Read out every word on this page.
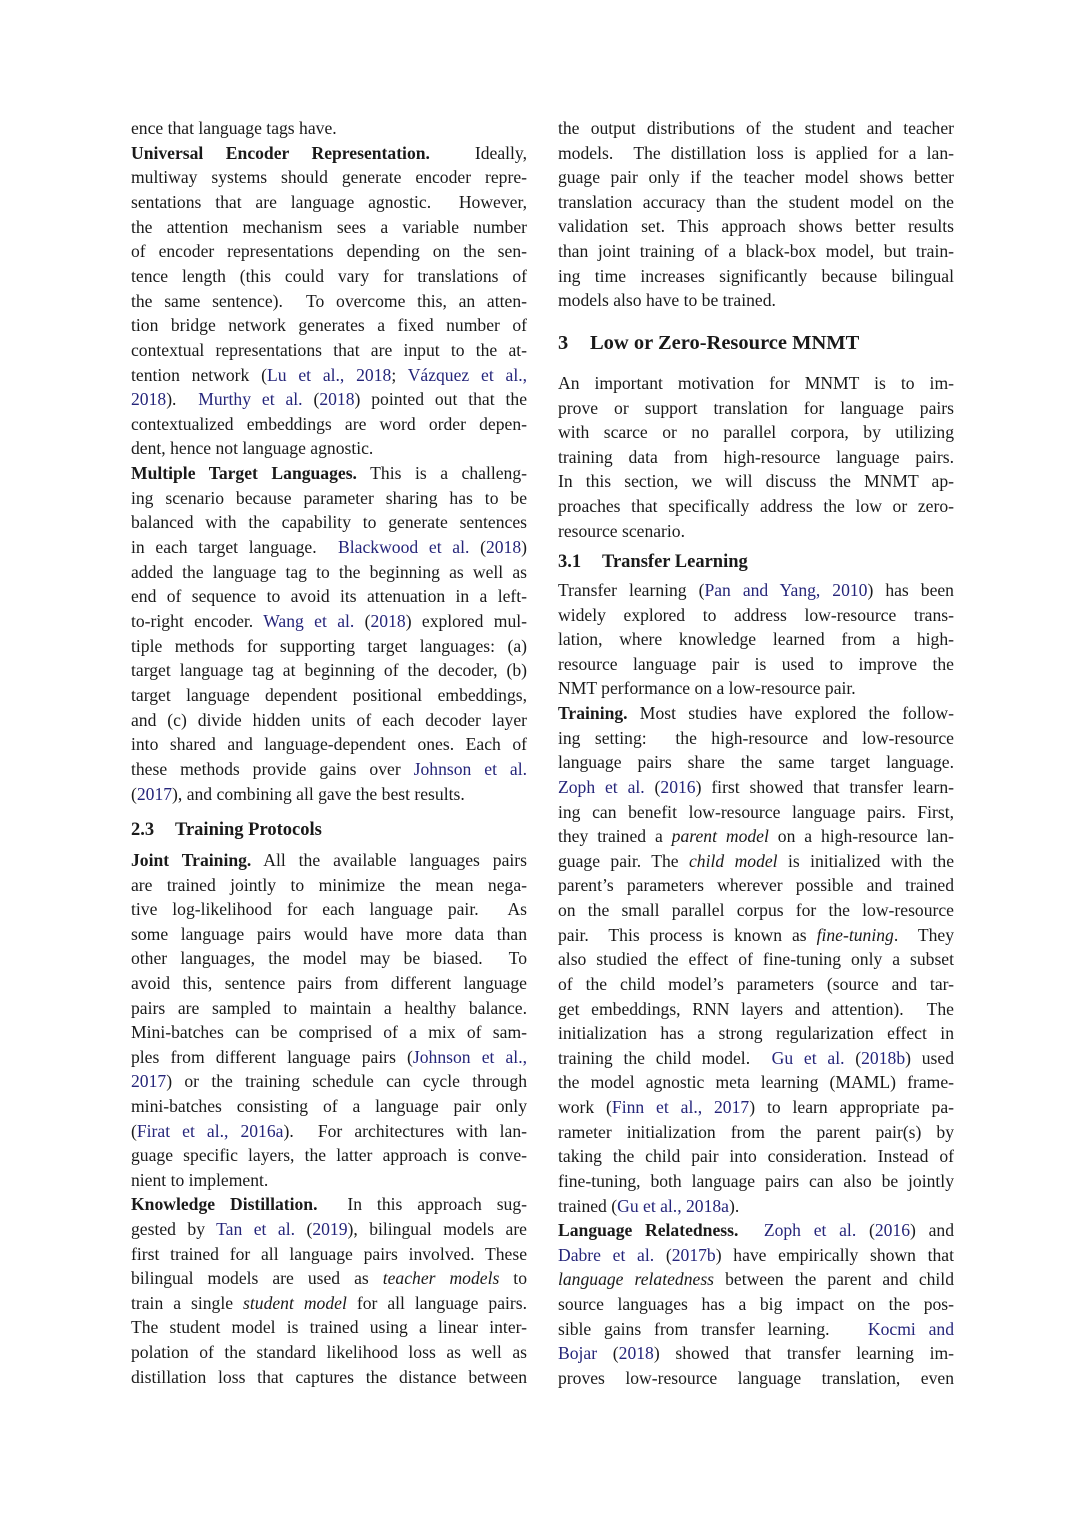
ence that language tags have.
Universal Encoder Representation.  Ideally,
multiway systems should generate encoder repre-
sentations that are language agnostic.  However,
the attention mechanism sees a variable number
of encoder representations depending on the sen-
tence length (this could vary for translations of
the same sentence).  To overcome this, an atten-
tion bridge network generates a fixed number of
contextual representations that are input to the at-
tention network (Lu et al., 2018; Vázquez et al.,
2018).  Murthy et al. (2018) pointed out that the
contextualized embeddings are word order depen-
dent, hence not language agnostic.
Multiple Target Languages. This is a challeng-
ing scenario because parameter sharing has to be
balanced with the capability to generate sentences
in each target language.  Blackwood et al. (2018)
added the language tag to the beginning as well as
end of sequence to avoid its attenuation in a left-
to-right encoder. Wang et al. (2018) explored mul-
tiple methods for supporting target languages: (a)
target language tag at beginning of the decoder, (b)
target language dependent positional embeddings,
and (c) divide hidden units of each decoder layer
into shared and language-dependent ones. Each of
these methods provide gains over Johnson et al.
(2017), and combining all gave the best results.
2.3 Training Protocols
Joint Training. All the available languages pairs
are trained jointly to minimize the mean nega-
tive log-likelihood for each language pair.  As
some language pairs would have more data than
other languages, the model may be biased.  To
avoid this, sentence pairs from different language
pairs are sampled to maintain a healthy balance.
Mini-batches can be comprised of a mix of sam-
ples from different language pairs (Johnson et al.,
2017) or the training schedule can cycle through
mini-batches consisting of a language pair only
(Firat et al., 2016a).  For architectures with lan-
guage specific layers, the latter approach is conve-
nient to implement.
Knowledge Distillation.  In this approach sug-
gested by Tan et al. (2019), bilingual models are
first trained for all language pairs involved. These
bilingual models are used as teacher models to
train a single student model for all language pairs.
The student model is trained using a linear inter-
polation of the standard likelihood loss as well as
distillation loss that captures the distance between
the output distributions of the student and teacher
models.  The distillation loss is applied for a lan-
guage pair only if the teacher model shows better
translation accuracy than the student model on the
validation set. This approach shows better results
than joint training of a black-box model, but train-
ing time increases significantly because bilingual
models also have to be trained.
3 Low or Zero-Resource MNMT
An important motivation for MNMT is to im-
prove or support translation for language pairs
with scarce or no parallel corpora, by utilizing
training data from high-resource language pairs.
In this section, we will discuss the MNMT ap-
proaches that specifically address the low or zero-
resource scenario.
3.1 Transfer Learning
Transfer learning (Pan and Yang, 2010) has been
widely explored to address low-resource trans-
lation, where knowledge learned from a high-
resource language pair is used to improve the
NMT performance on a low-resource pair.
Training. Most studies have explored the follow-
ing setting:  the high-resource and low-resource
language pairs share the same target language.
Zoph et al. (2016) first showed that transfer learn-
ing can benefit low-resource language pairs. First,
they trained a parent model on a high-resource lan-
guage pair. The child model is initialized with the
parent’s parameters wherever possible and trained
on the small parallel corpus for the low-resource
pair.  This process is known as fine-tuning.  They
also studied the effect of fine-tuning only a subset
of the child model’s parameters (source and tar-
get embeddings, RNN layers and attention).  The
initialization has a strong regularization effect in
training the child model.  Gu et al. (2018b) used
the model agnostic meta learning (MAML) frame-
work (Finn et al., 2017) to learn appropriate pa-
rameter initialization from the parent pair(s) by
taking the child pair into consideration. Instead of
fine-tuning, both language pairs can also be jointly
trained (Gu et al., 2018a).
Language Relatedness. Zoph et al. (2016) and
Dabre et al. (2017b) have empirically shown that
language relatedness between the parent and child
source languages has a big impact on the pos-
sible gains from transfer learning.   Kocmi and
Bojar (2018) showed that transfer learning im-
proves low-resource language translation, even
